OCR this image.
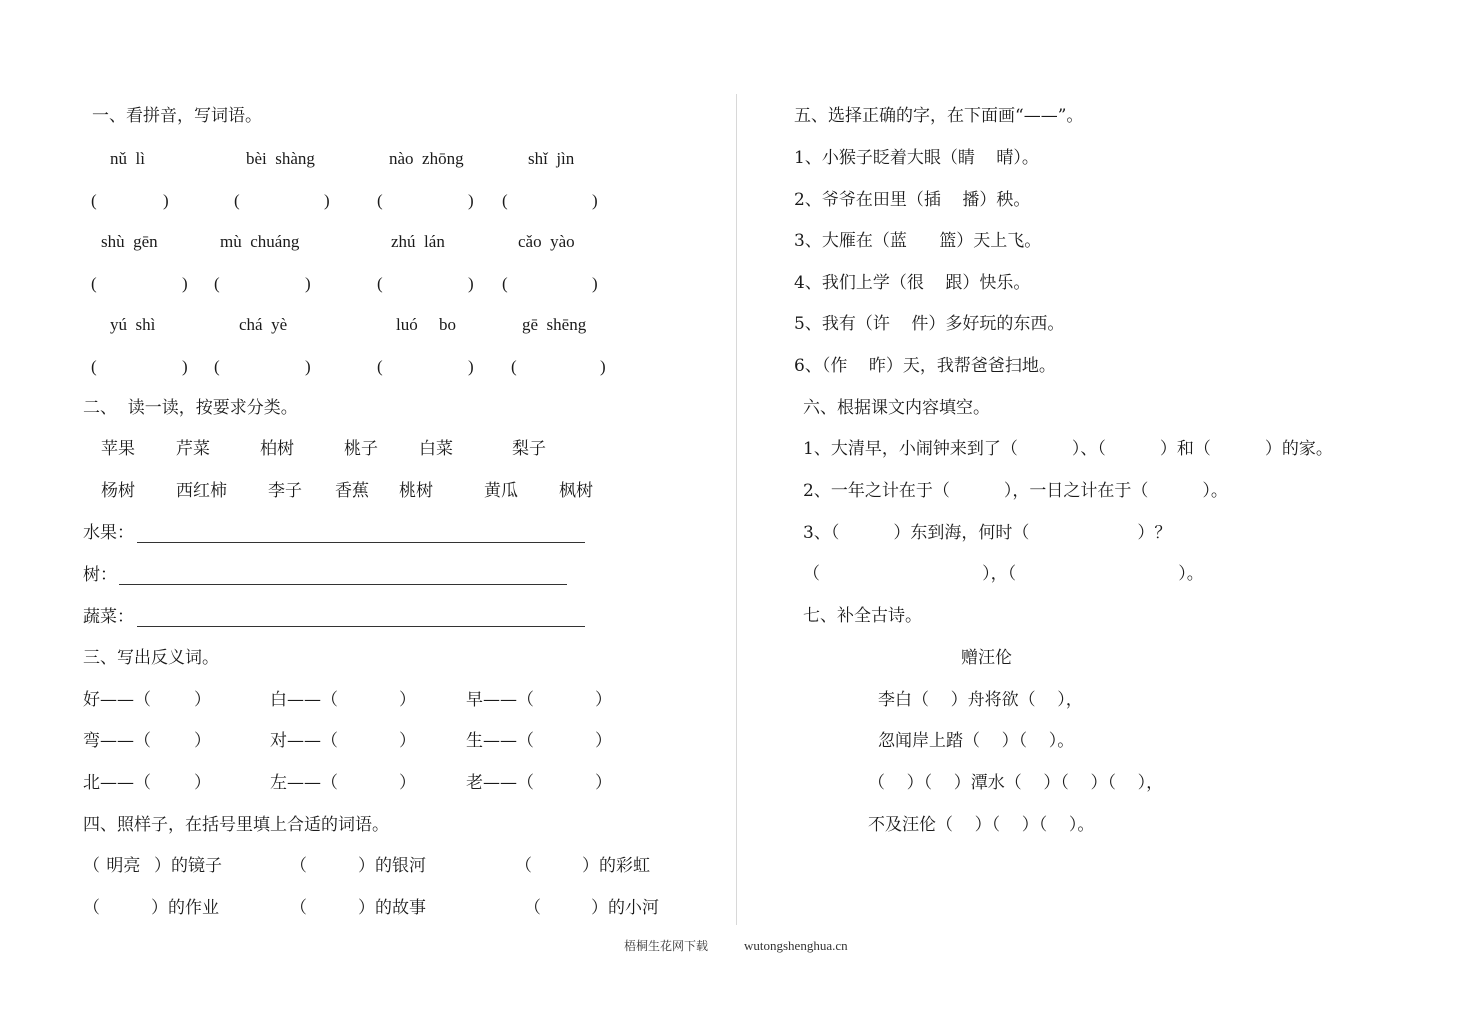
一、看拼音，写词语。
nǔ  lì	bèi  shàng	nào  zhōng	shǐ  jìn
(	)	(	)	(	) (	)
shù  gēn	mù  chuáng	zhú  lán	cǎo  yào
(	) (	)	(	) (	)
yú  shì	chá  yè	luó     bo	gē  shēng
(	) (	)	(	) (	)
二、  读一读，按要求分类。
苹果 芹菜	柏树	桃子 白菜	梨子
杨树 西红柿 李子 香蕉 桃树	黄瓜 枫树
水果：
树：
蔬菜：
三、写出反义词。
好——（	）	白——（	）	早——（	）
弯——（	）	对——（	）	生——（	）
北——（	）	左——（	）	老——（	）
四、照样子，在括号里填上合适的词语。
（ 明亮 ）的镜子	（	）的银河	（	）的彩虹
（	）的作业	（	）的故事	（	）的小河
五、选择正确的字，在下面画“——”。
1、小猴子眨着大眼（睛    晴）。
2、爷爷在田里（插    播）秧。
3、大雁在（蓝      篮）天上飞。
4、我们上学（很    跟）快乐。
5、我有（许    件）多好玩的东西。
6、（作    昨）天，我帮爸爸扫地。
六、根据课文内容填空。
1、大清早，小闹钟来到了（          ）、（          ）和（          ）的家。
2、一年之计在于（          ），一日之计在于（          ）。
3、（          ）东到海，何时（                    ）？
（                              ），（                              ）。
七、补全古诗。
赠汪伦
李白（    ）舟将欲（    ），
忽闻岸上踏（    ）（    ）。
（    ）（    ）潭水（    ）（    ）（    ），
不及汪伦（    ）（    ）（    ）。
梧桐生花网下载	wutongshenghua.cn
